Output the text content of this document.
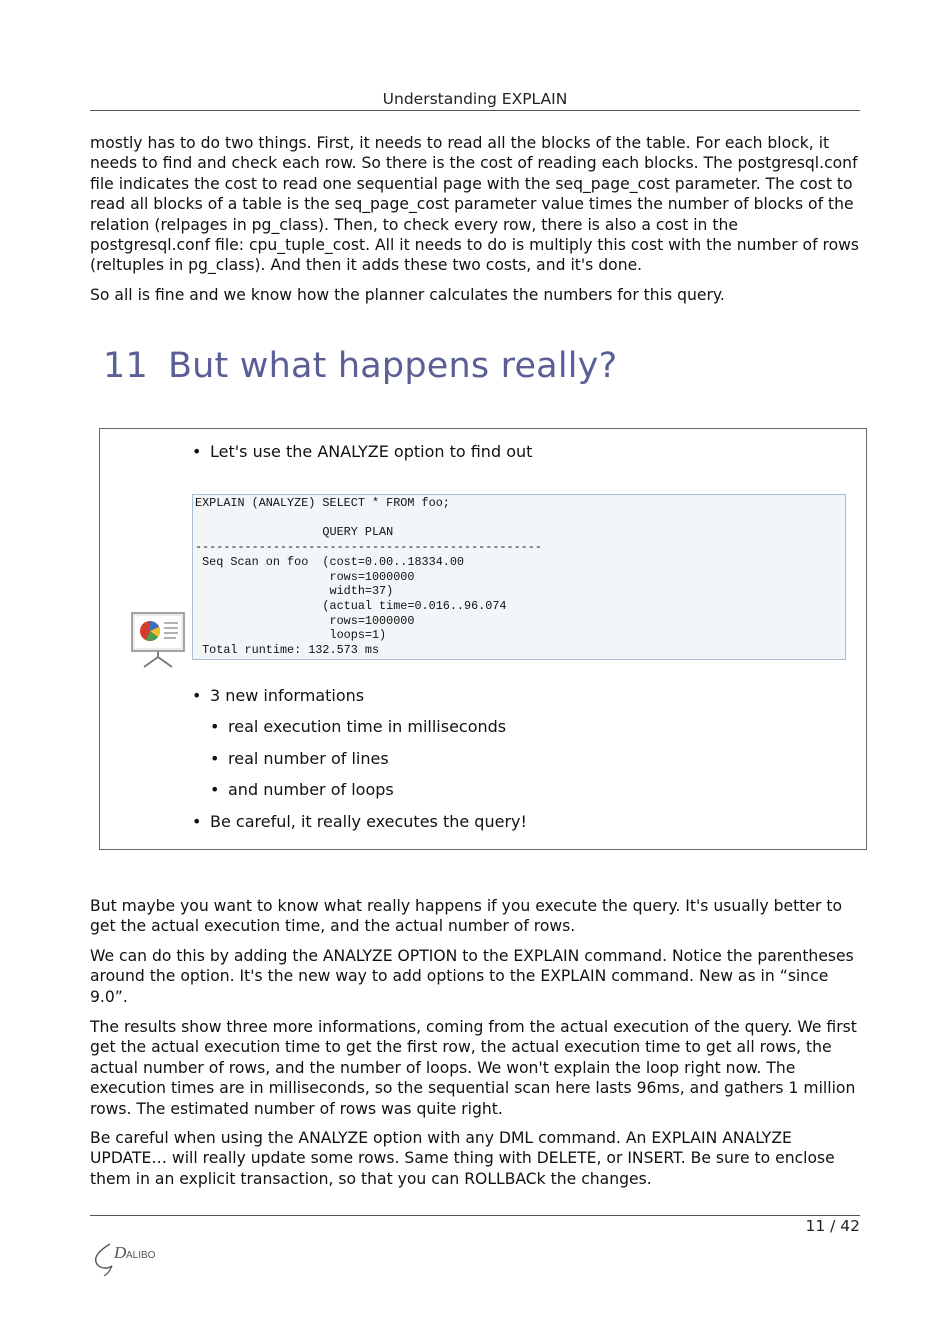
Understanding EXPLAIN

mostly has to do two things. First, it needs to read all the blocks of the table. For each block, it needs to find and check each row. So there is the cost of reading each blocks. The postgresql.conf file indicates the cost to read one sequential page with the seq_page_cost parameter. The cost to read all blocks of a table is the seq_page_cost parameter value times the number of blocks of the relation (relpages in pg_class). Then, to check every row, there is also a cost in the postgresql.conf file: cpu_tuple_cost. All it needs to do is multiply this cost with the number of rows (reltuples in pg_class). And then it adds these two costs, and it's done.

So all is fine and we know how the planner calculates the numbers for this query.

11 But what happens really?
• Let's use the ANALYZE option to find out
EXPLAIN (ANALYZE) SELECT * FROM foo;

QUERY PLAN
-------------------------------------------------
Seq Scan on foo  (cost=0.00..18334.00
rows=1000000
width=37)
(actual time=0.016..96.074
rows=1000000
loops=1)
Total runtime: 132.573 ms
• 3 new informations
• real execution time in milliseconds
• real number of lines
• and number of loops
• Be careful, it really executes the query!

But maybe you want to know what really happens if you execute the query. It's usually better to get the actual execution time, and the actual number of rows.

We can do this by adding the ANALYZE OPTION to the EXPLAIN command. Notice the parentheses around the option. It's the new way to add options to the EXPLAIN command. New as in “since 9.0”.

The results show three more informations, coming from the actual execution of the query. We first get the actual execution time to get the first row, the actual execution time to get all rows, the actual number of rows, and the number of loops. We won't explain the loop right now. The execution times are in milliseconds, so the sequential scan here lasts 96ms, and gathers 1 million rows. The estimated number of rows was quite right.

Be careful when using the ANALYZE option with any DML command. An EXPLAIN ANALYZE UPDATE… will really update some rows. Same thing with DELETE, or INSERT. Be sure to enclose them in an explicit transaction, so that you can ROLLBACk the changes.

11 / 42
D ALIBO
